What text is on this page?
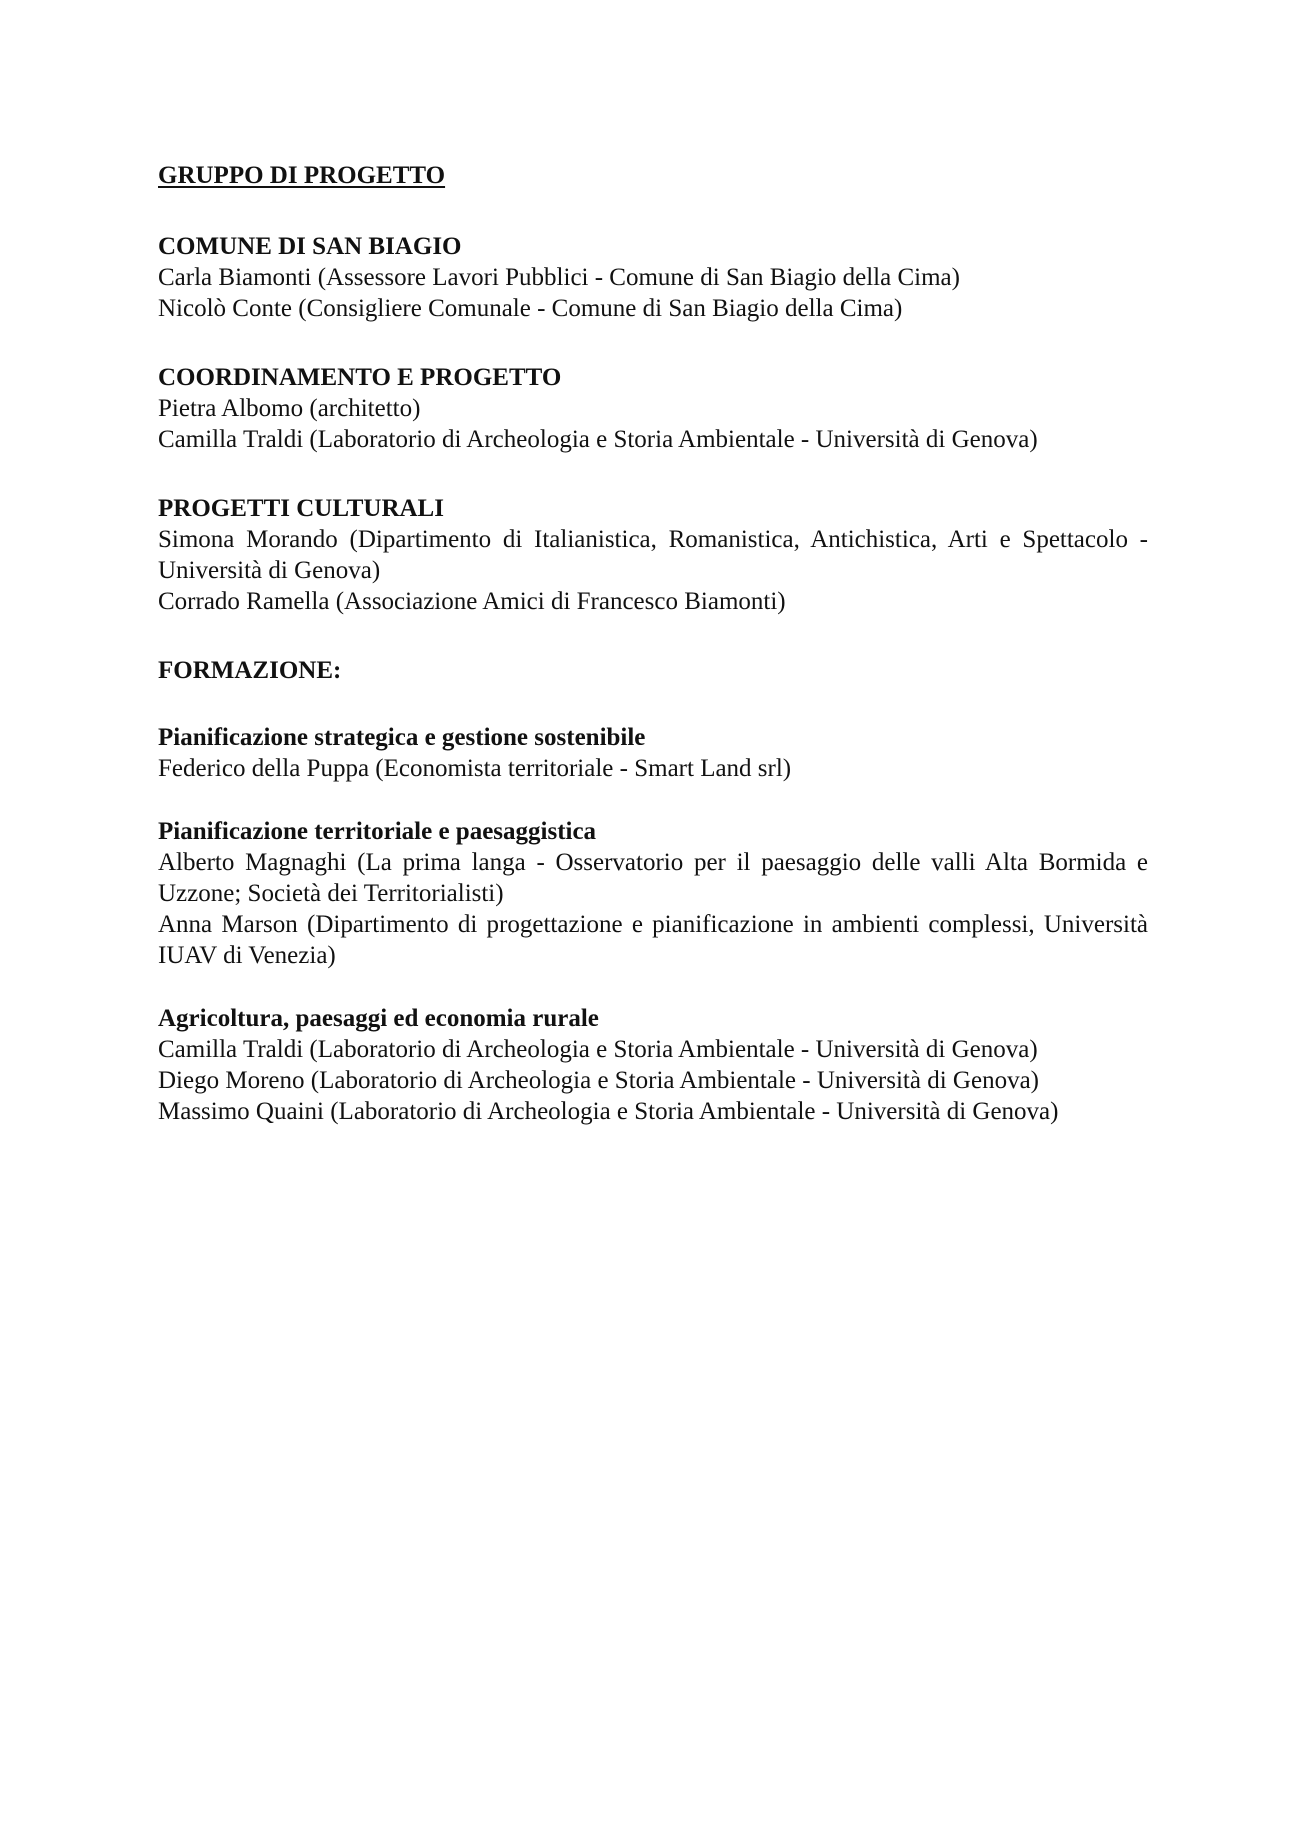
GRUPPO DI PROGETTO

COMUNE DI SAN BIAGIO

Carla Biamonti (Assessore Lavori Pubblici - Comune di San Biagio della Cima)

Nicolò Conte (Consigliere Comunale - Comune di San Biagio della Cima)

COORDINAMENTO E PROGETTO

Pietra Albomo (architetto)

Camilla Traldi (Laboratorio di Archeologia e Storia Ambientale - Università di Genova)

PROGETTI CULTURALI

Simona Morando (Dipartimento di Italianistica, Romanistica, Antichistica, Arti e Spettacolo - Università di Genova)

Corrado Ramella (Associazione Amici di Francesco Biamonti)

FORMAZIONE:

Pianificazione strategica e gestione sostenibile

Federico della Puppa (Economista territoriale - Smart Land srl)

Pianificazione territoriale e paesaggistica

Alberto Magnaghi (La prima langa - Osservatorio per il paesaggio delle valli Alta Bormida e Uzzone; Società dei Territorialisti)

Anna Marson (Dipartimento di progettazione e pianificazione in ambienti complessi, Università IUAV di Venezia)

Agricoltura, paesaggi ed economia rurale

Camilla Traldi (Laboratorio di Archeologia e Storia Ambientale - Università di Genova)

Diego Moreno (Laboratorio di Archeologia e Storia Ambientale - Università di Genova)

Massimo Quaini (Laboratorio di Archeologia e Storia Ambientale - Università di Genova)
